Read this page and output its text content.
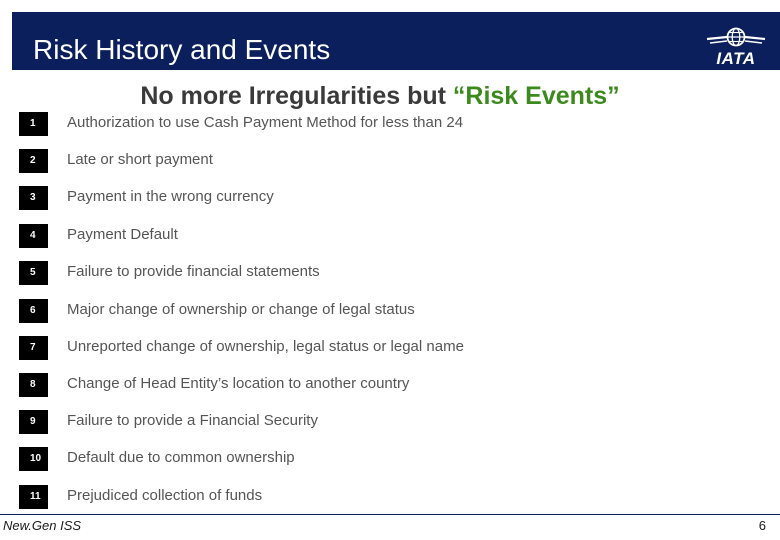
Risk History and Events	IATA
No more Irregularities but “Risk Events”
1	Authorization to use Cash Payment Method for less than 24
2	Late or short payment
3	Payment in the wrong currency
4	Payment Default
5	Failure to provide financial statements
6	Major change of ownership or change of legal status
7	Unreported change of ownership, legal status or legal name
8	Change of Head Entity’s location to another country
9	Failure to provide a Financial Security
10	Default due to common ownership
11	Prejudiced collection of funds
New.Gen ISS	6
